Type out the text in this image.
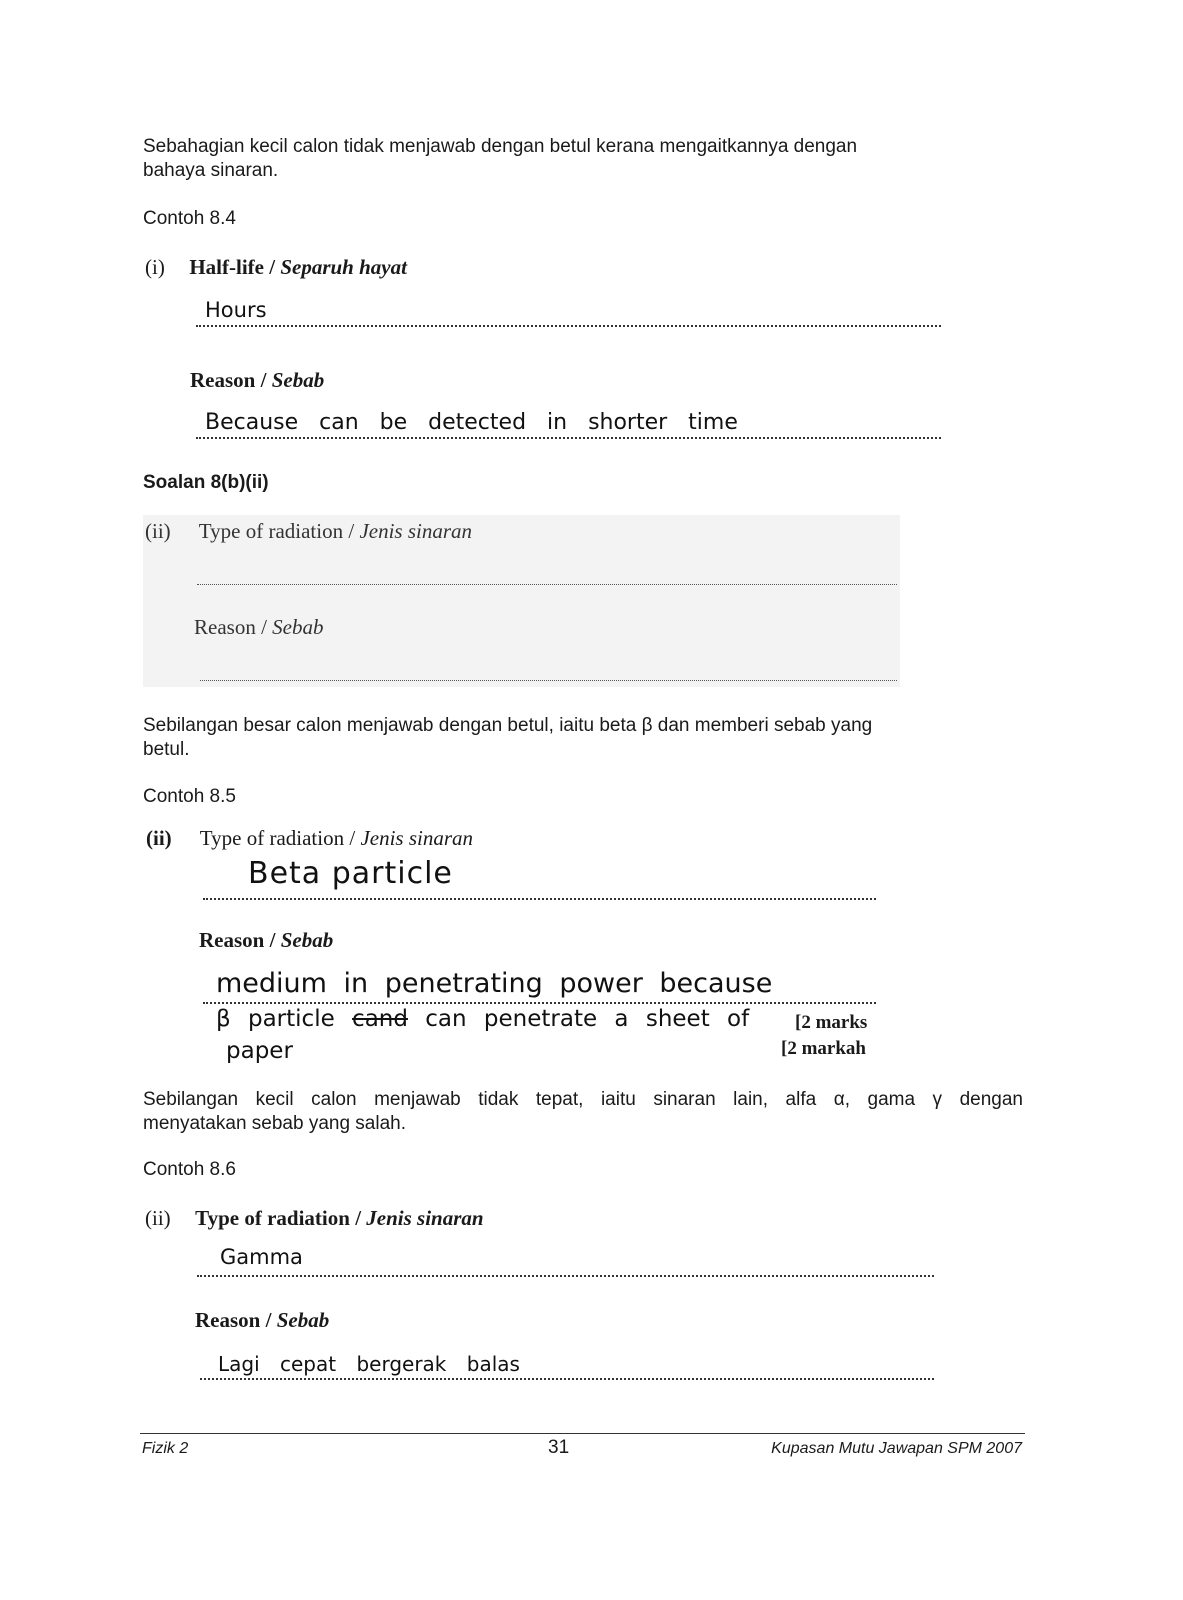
Sebahagian kecil calon tidak menjawab dengan betul kerana mengaitkannya dengan
bahaya sinaran.
Contoh 8.4
(i) Half-life / Separuh hayat
Hours
Reason / Sebab
Because can be detected in shorter time
Soalan 8(b)(ii)
(ii) Type of radiation / Jenis sinaran
Reason / Sebab
Sebilangan besar calon menjawab dengan betul, iaitu beta β dan memberi sebab yang
betul.
Contoh 8.5
(ii) Type of radiation / Jenis sinaran
Beta particle
Reason / Sebab
medium in penetrating power because
β particle cand can penetrate a sheet of [2 marks
paper	[2 markah
Sebilangan kecil calon menjawab tidak tepat, iaitu sinaran lain, alfa α, gama γ dengan
menyatakan sebab yang salah.
Contoh 8.6
(ii) Type of radiation / Jenis sinaran
Gamma
Reason / Sebab
Lagi cepat bergerak balas
Fizik 2	31	Kupasan Mutu Jawapan SPM 2007
